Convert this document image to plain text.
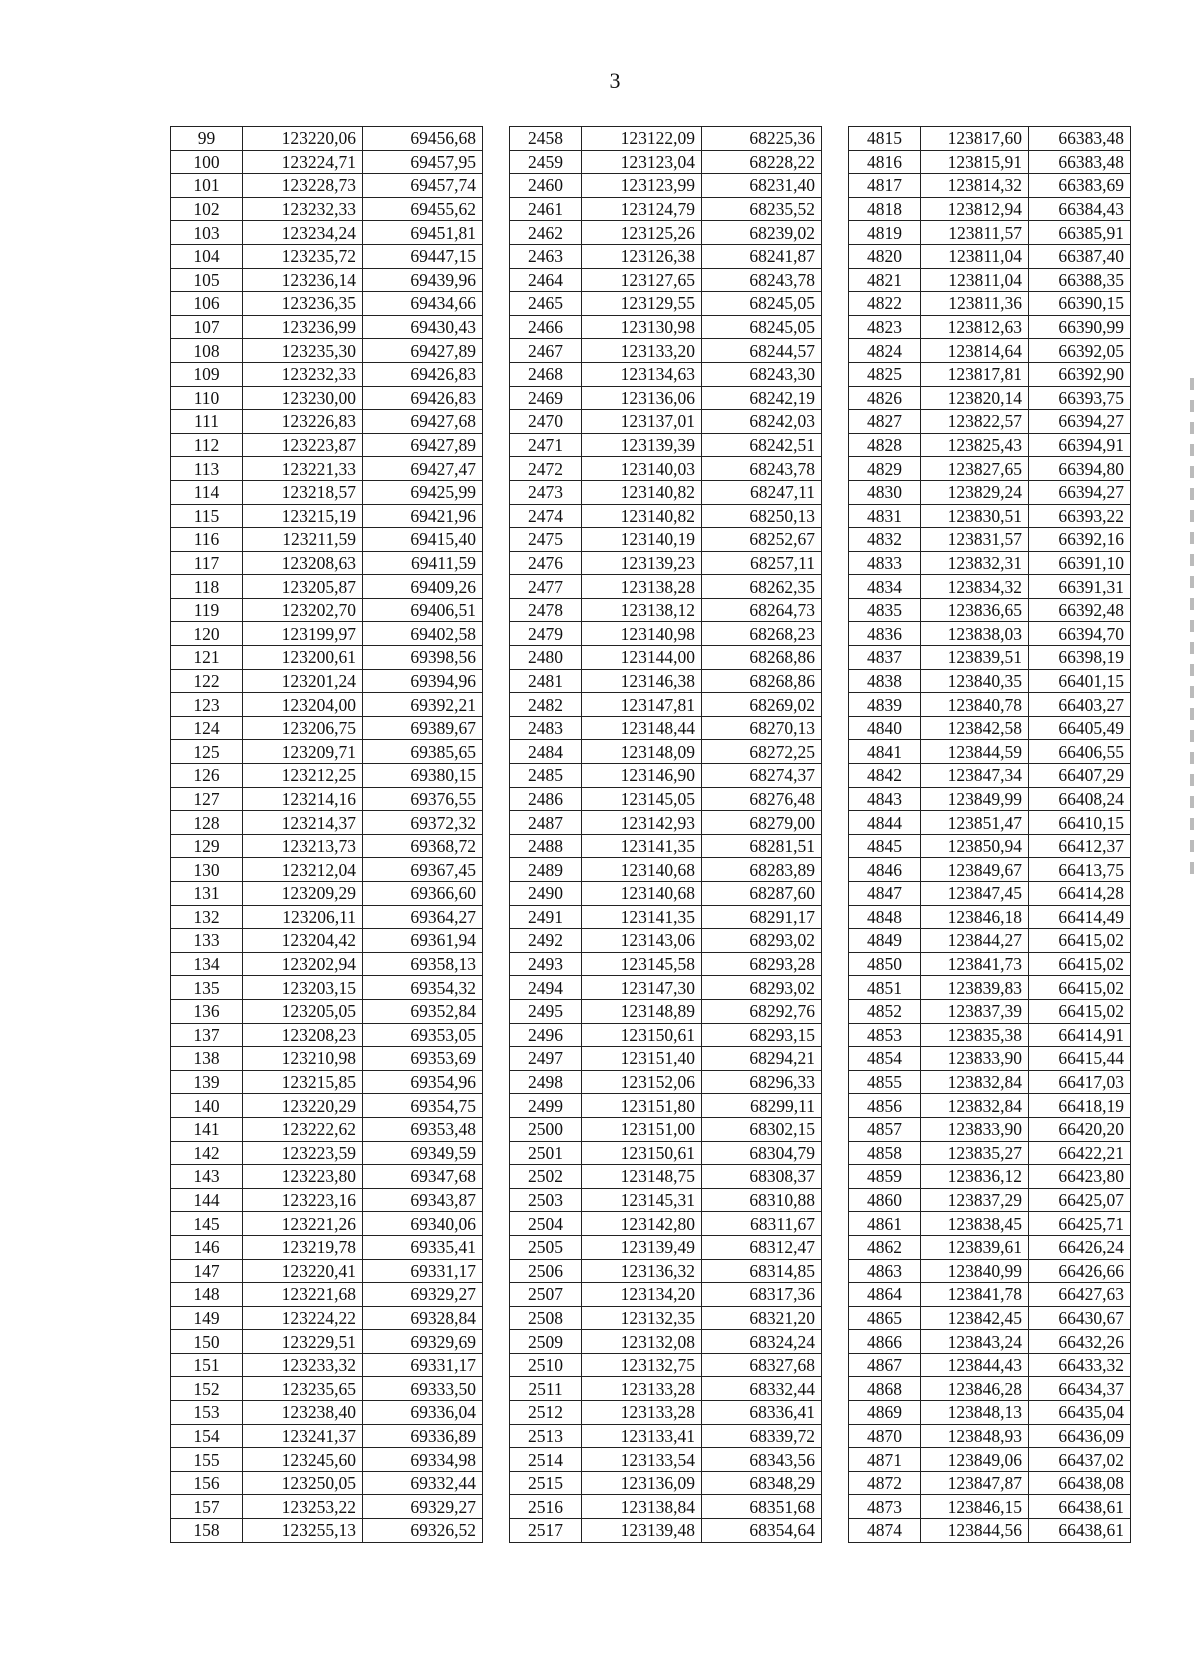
3
99	123220,06	69456,68		2458	123122,09	68225,36		4815	123817,60	66383,48
100	123224,71	69457,95		2459	123123,04	68228,22		4816	123815,91	66383,48
101	123228,73	69457,74		2460	123123,99	68231,40		4817	123814,32	66383,69
102	123232,33	69455,62		2461	123124,79	68235,52		4818	123812,94	66384,43
103	123234,24	69451,81		2462	123125,26	68239,02		4819	123811,57	66385,91
104	123235,72	69447,15		2463	123126,38	68241,87		4820	123811,04	66387,40
105	123236,14	69439,96		2464	123127,65	68243,78		4821	123811,04	66388,35
106	123236,35	69434,66		2465	123129,55	68245,05		4822	123811,36	66390,15
107	123236,99	69430,43		2466	123130,98	68245,05		4823	123812,63	66390,99
108	123235,30	69427,89		2467	123133,20	68244,57		4824	123814,64	66392,05
109	123232,33	69426,83		2468	123134,63	68243,30		4825	123817,81	66392,90
110	123230,00	69426,83		2469	123136,06	68242,19		4826	123820,14	66393,75
111	123226,83	69427,68		2470	123137,01	68242,03		4827	123822,57	66394,27
112	123223,87	69427,89		2471	123139,39	68242,51		4828	123825,43	66394,91
113	123221,33	69427,47		2472	123140,03	68243,78		4829	123827,65	66394,80
114	123218,57	69425,99		2473	123140,82	68247,11		4830	123829,24	66394,27
115	123215,19	69421,96		2474	123140,82	68250,13		4831	123830,51	66393,22
116	123211,59	69415,40		2475	123140,19	68252,67		4832	123831,57	66392,16
117	123208,63	69411,59		2476	123139,23	68257,11		4833	123832,31	66391,10
118	123205,87	69409,26		2477	123138,28	68262,35		4834	123834,32	66391,31
119	123202,70	69406,51		2478	123138,12	68264,73		4835	123836,65	66392,48
120	123199,97	69402,58		2479	123140,98	68268,23		4836	123838,03	66394,70
121	123200,61	69398,56		2480	123144,00	68268,86		4837	123839,51	66398,19
122	123201,24	69394,96		2481	123146,38	68268,86		4838	123840,35	66401,15
123	123204,00	69392,21		2482	123147,81	68269,02		4839	123840,78	66403,27
124	123206,75	69389,67		2483	123148,44	68270,13		4840	123842,58	66405,49
125	123209,71	69385,65		2484	123148,09	68272,25		4841	123844,59	66406,55
126	123212,25	69380,15		2485	123146,90	68274,37		4842	123847,34	66407,29
127	123214,16	69376,55		2486	123145,05	68276,48		4843	123849,99	66408,24
128	123214,37	69372,32		2487	123142,93	68279,00		4844	123851,47	66410,15
129	123213,73	69368,72		2488	123141,35	68281,51		4845	123850,94	66412,37
130	123212,04	69367,45		2489	123140,68	68283,89		4846	123849,67	66413,75
131	123209,29	69366,60		2490	123140,68	68287,60		4847	123847,45	66414,28
132	123206,11	69364,27		2491	123141,35	68291,17		4848	123846,18	66414,49
133	123204,42	69361,94		2492	123143,06	68293,02		4849	123844,27	66415,02
134	123202,94	69358,13		2493	123145,58	68293,28		4850	123841,73	66415,02
135	123203,15	69354,32		2494	123147,30	68293,02		4851	123839,83	66415,02
136	123205,05	69352,84		2495	123148,89	68292,76		4852	123837,39	66415,02
137	123208,23	69353,05		2496	123150,61	68293,15		4853	123835,38	66414,91
138	123210,98	69353,69		2497	123151,40	68294,21		4854	123833,90	66415,44
139	123215,85	69354,96		2498	123152,06	68296,33		4855	123832,84	66417,03
140	123220,29	69354,75		2499	123151,80	68299,11		4856	123832,84	66418,19
141	123222,62	69353,48		2500	123151,00	68302,15		4857	123833,90	66420,20
142	123223,59	69349,59		2501	123150,61	68304,79		4858	123835,27	66422,21
143	123223,80	69347,68		2502	123148,75	68308,37		4859	123836,12	66423,80
144	123223,16	69343,87		2503	123145,31	68310,88		4860	123837,29	66425,07
145	123221,26	69340,06		2504	123142,80	68311,67		4861	123838,45	66425,71
146	123219,78	69335,41		2505	123139,49	68312,47		4862	123839,61	66426,24
147	123220,41	69331,17		2506	123136,32	68314,85		4863	123840,99	66426,66
148	123221,68	69329,27		2507	123134,20	68317,36		4864	123841,78	66427,63
149	123224,22	69328,84		2508	123132,35	68321,20		4865	123842,45	66430,67
150	123229,51	69329,69		2509	123132,08	68324,24		4866	123843,24	66432,26
151	123233,32	69331,17		2510	123132,75	68327,68		4867	123844,43	66433,32
152	123235,65	69333,50		2511	123133,28	68332,44		4868	123846,28	66434,37
153	123238,40	69336,04		2512	123133,28	68336,41		4869	123848,13	66435,04
154	123241,37	69336,89		2513	123133,41	68339,72		4870	123848,93	66436,09
155	123245,60	69334,98		2514	123133,54	68343,56		4871	123849,06	66437,02
156	123250,05	69332,44		2515	123136,09	68348,29		4872	123847,87	66438,08
157	123253,22	69329,27		2516	123138,84	68351,68		4873	123846,15	66438,61
158	123255,13	69326,52		2517	123139,48	68354,64		4874	123844,56	66438,61
